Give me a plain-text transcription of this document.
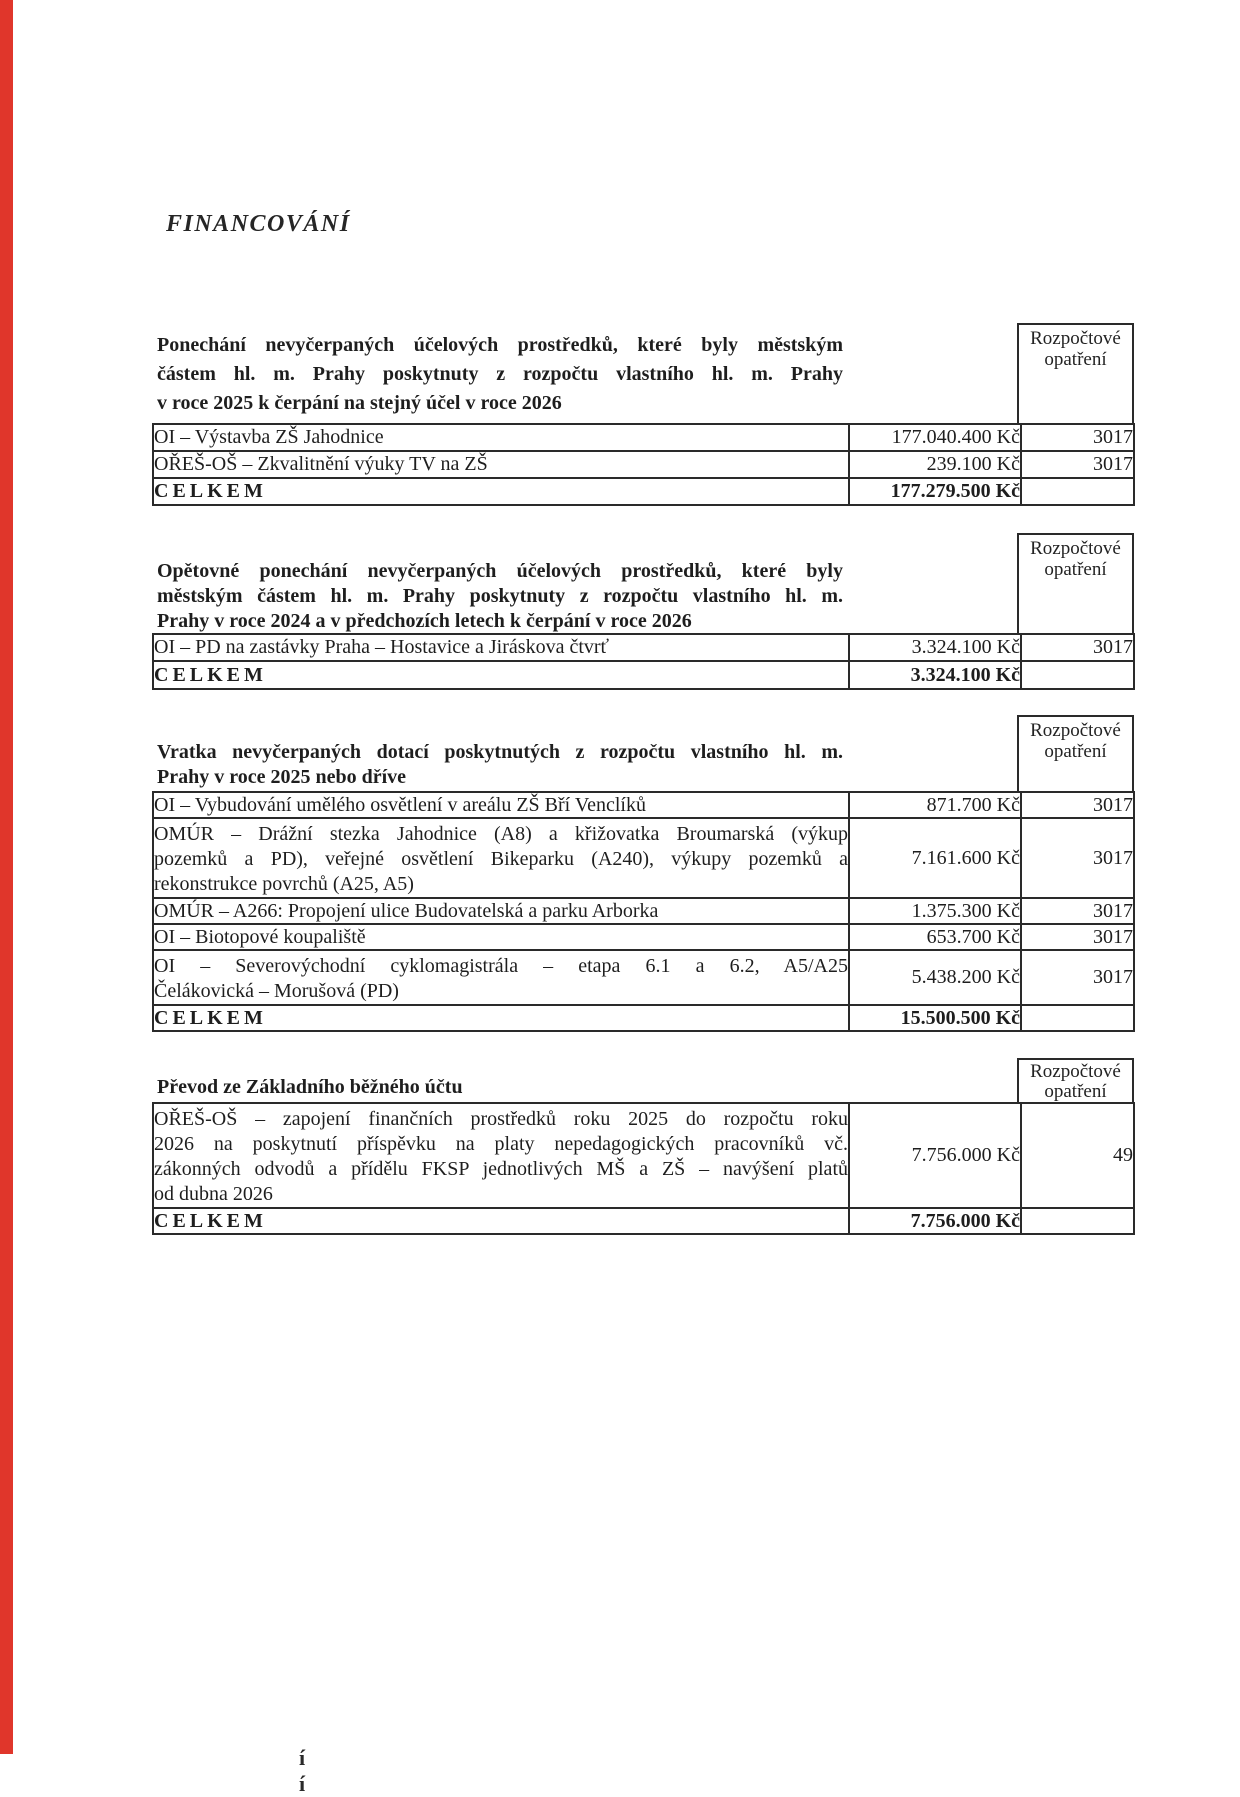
FINANCOVÁNÍ
Rozpočtové
opatření
Ponechání nevyčerpaných účelových prostředků, které byly městským
částem hl. m. Prahy poskytnuty z rozpočtu vlastního hl. m. Prahy
v roce 2025 k čerpání na stejný účel v roce 2026
OI – Výstavba ZŠ Jahodnice	177.040.400 Kč	3017
OŘEŠ-OŠ – Zkvalitnění výuky TV na ZŠ	239.100 Kč	3017
CELKEM	177.279.500 Kč	
Rozpočtové
opatření
Opětovné ponechání nevyčerpaných účelových prostředků, které byly
městským částem hl. m. Prahy poskytnuty z rozpočtu vlastního hl. m.
Prahy v roce 2024 a v předchozích letech k čerpání v roce 2026
OI – PD na zastávky Praha – Hostavice a Jiráskova čtvrť	3.324.100 Kč	3017
CELKEM	3.324.100 Kč	
Rozpočtové
opatření
Vratka nevyčerpaných dotací poskytnutých z rozpočtu vlastního hl. m.
Prahy v roce 2025 nebo dříve
OI – Vybudování umělého osvětlení v areálu ZŠ Bří Venclíků	871.700 Kč	3017

OMÚR – Drážní stezka Jahodnice (A8) a křižovatka Broumarská (výkup
pozemků a PD), veřejné osvětlení Bikeparku (A240), výkupy pozemků a
rekonstrukce povrchů (A25, A5)	7.161.600 Kč	3017
OMÚR – A266: Propojení ulice Budovatelská a parku Arborka	1.375.300 Kč	3017
OI – Biotopové koupaliště	653.700 Kč	3017

OI – Severovýchodní cyklomagistrála – etapa 6.1 a 6.2, A5/A25
Čelákovická – Morušová (PD)	5.438.200 Kč	3017
CELKEM	15.500.500 Kč	
Rozpočtové
opatření
Převod ze Základního běžného účtu
OŘEŠ-OŠ – zapojení finančních prostředků roku 2025 do rozpočtu roku
2026 na poskytnutí příspěvku na platy nepedagogických pracovníků vč.
zákonných odvodů a přídělu FKSP jednotlivých MŠ a ZŠ – navýšení platů
od dubna 2026	7.756.000 Kč	49
CELKEM	7.756.000 Kč	
í í
